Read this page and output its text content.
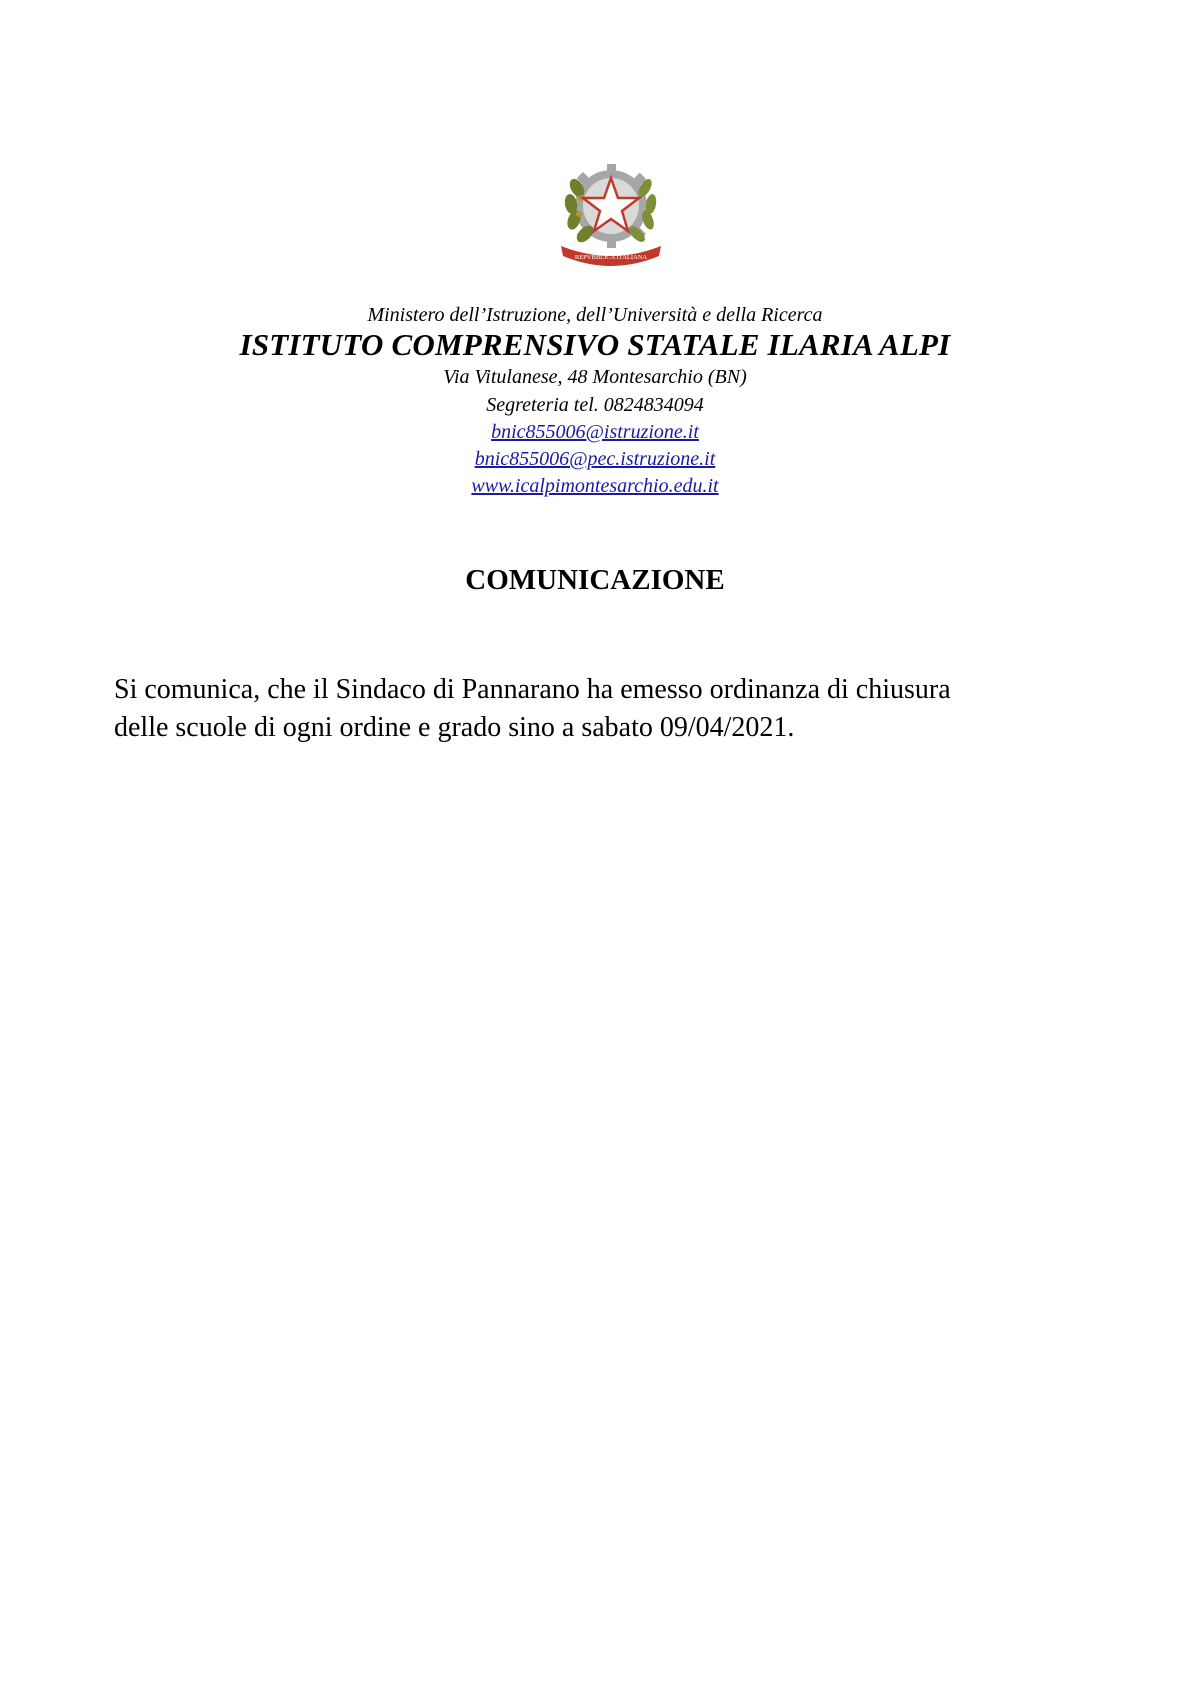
REPVBBLICA ITALIANA

Ministero dell’Istruzione, dell’Università e della Ricerca

ISTITUTO COMPRENSIVO STATALE ILARIA ALPI

Via Vitulanese, 48 Montesarchio (BN)

Segreteria tel. 0824834094

bnic855006@istruzione.it

bnic855006@pec.istruzione.it

www.icalpimontesarchio.edu.it

COMUNICAZIONE

Si comunica, che il Sindaco di Pannarano ha emesso ordinanza di chiusura

delle scuole di ogni ordine e grado sino a sabato 09/04/2021.
